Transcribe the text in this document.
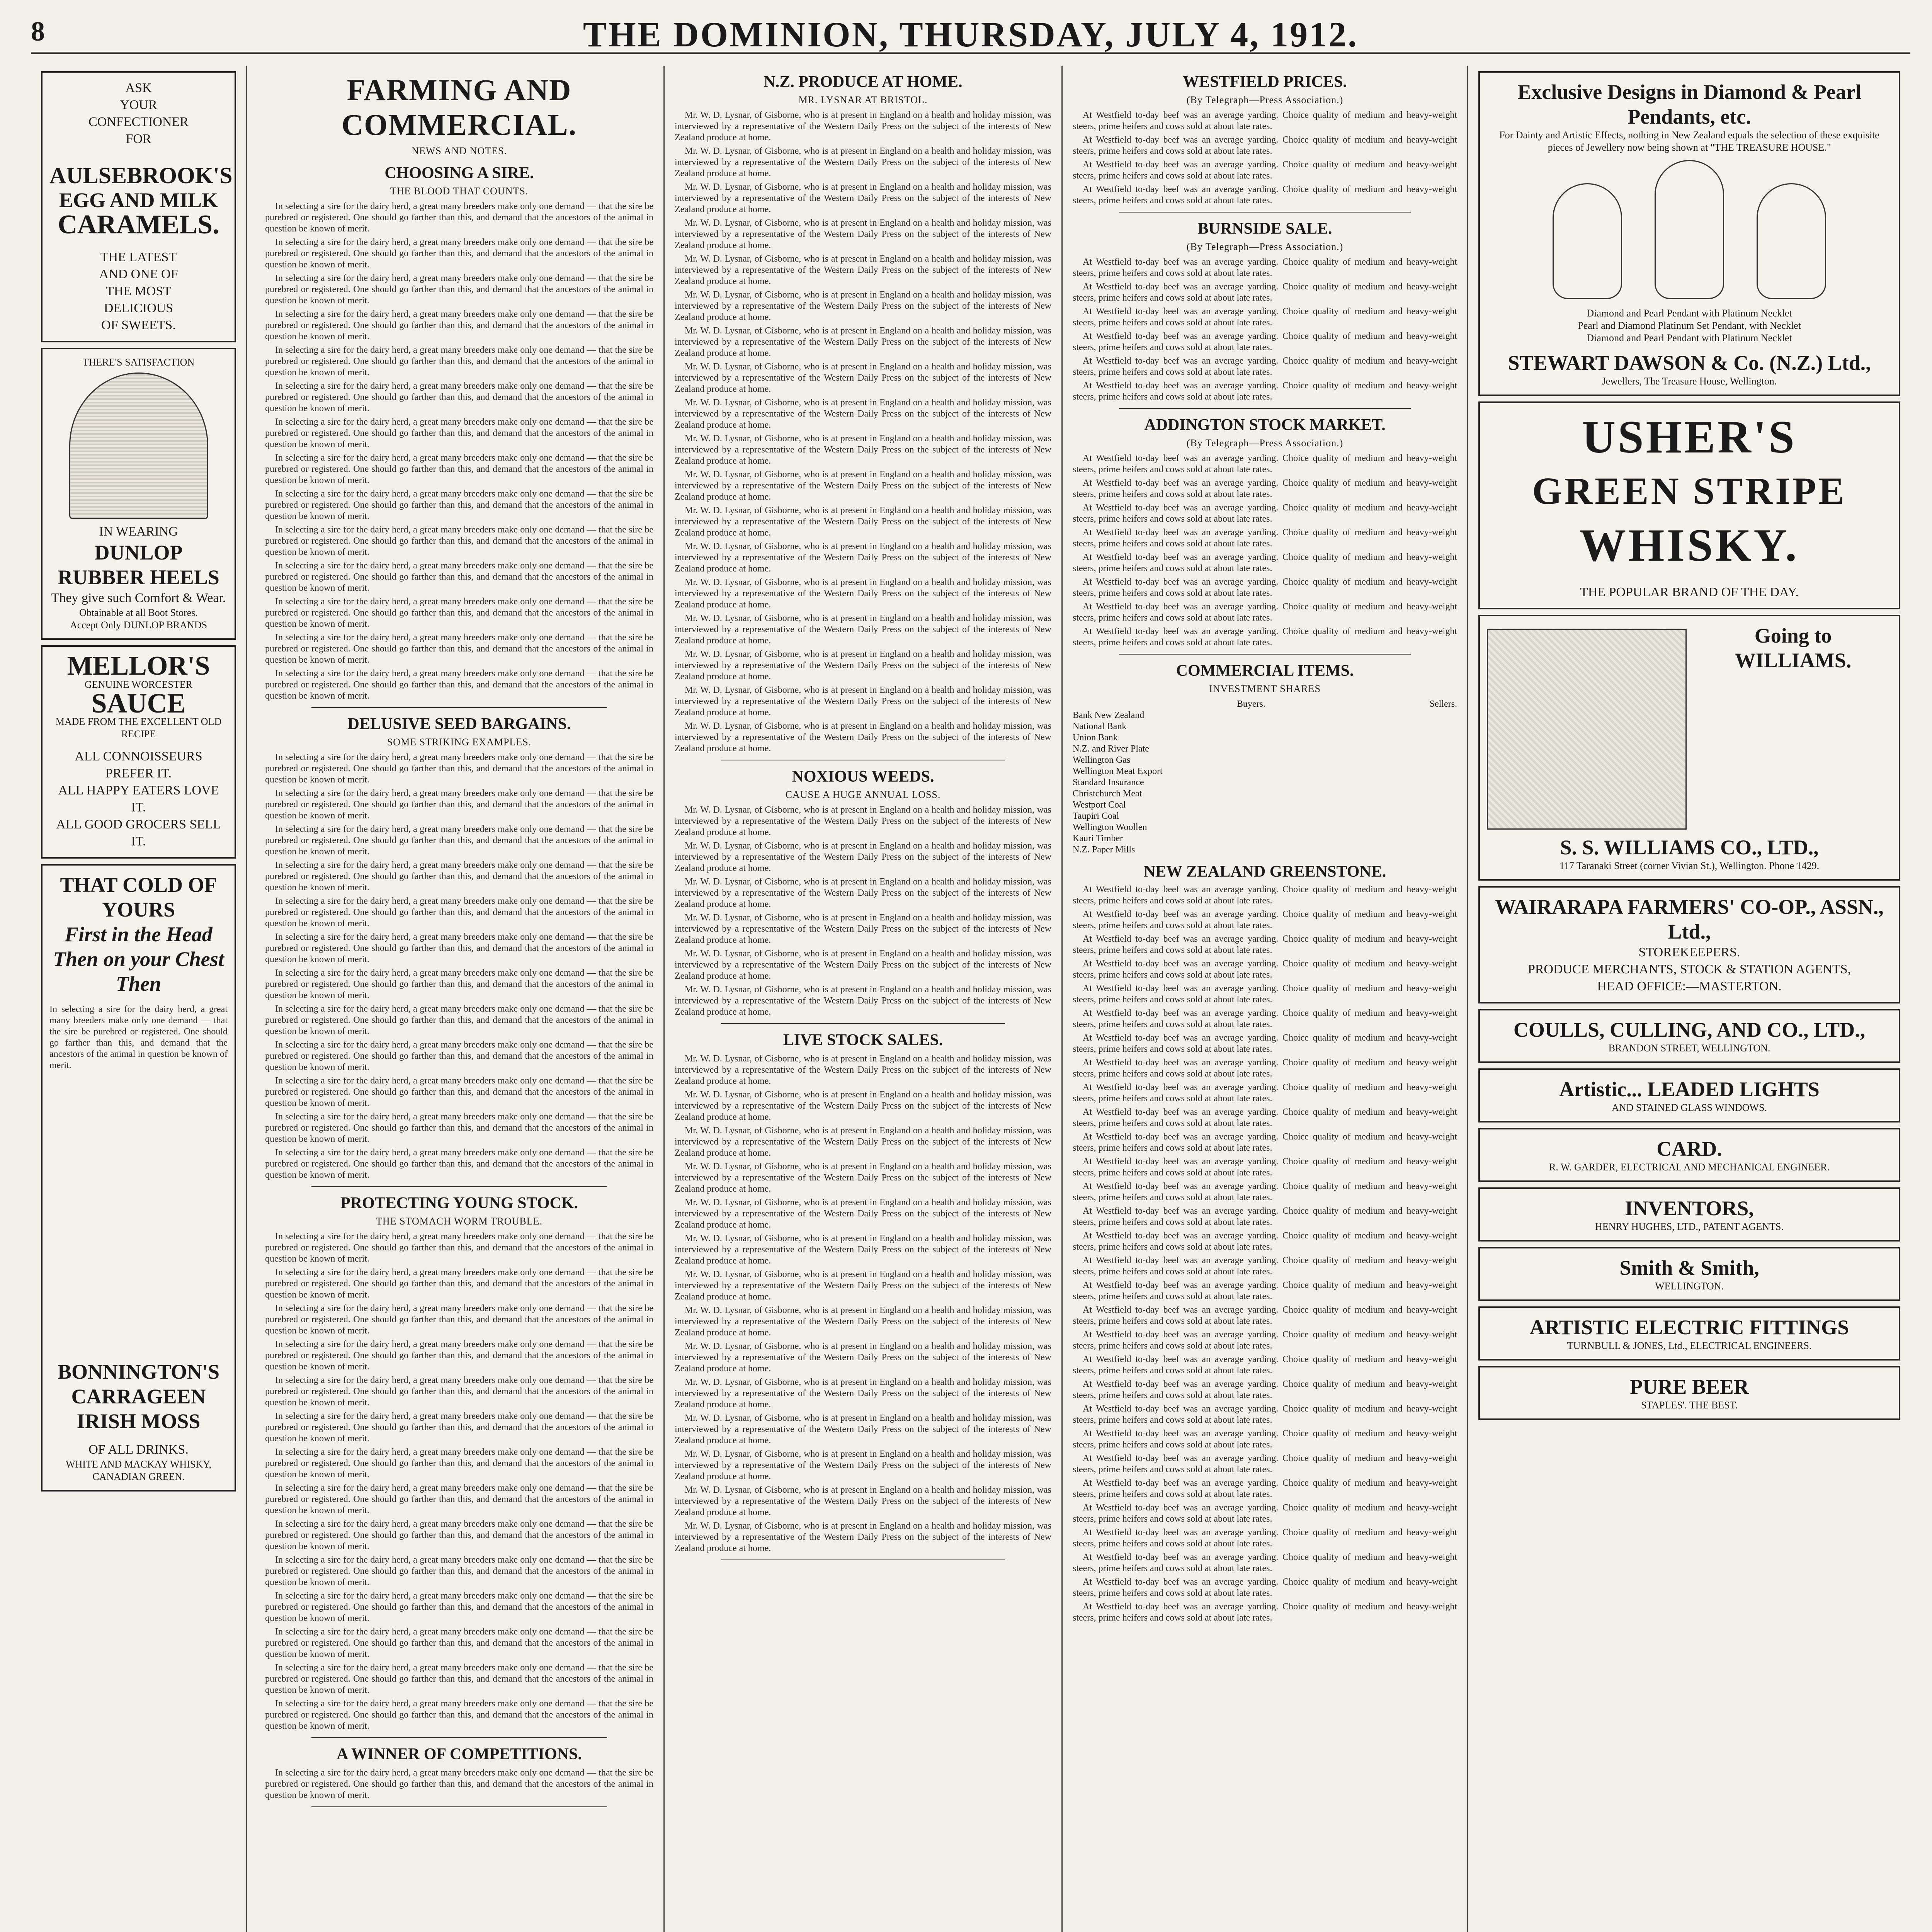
8	THE DOMINION, THURSDAY, JULY 4, 1912.
ASK
YOUR
CONFECTIONER
FOR
AULSEBROOK'S
EGG AND MILK
CARAMELS.
THE LATEST
AND ONE OF
THE MOST
DELICIOUS
OF SWEETS.
THERE'S SATISFACTION
IN WEARING
DUNLOP RUBBER HEELS
They give such Comfort & Wear.
Obtainable at all Boot Stores.
Accept Only DUNLOP BRANDS
MELLOR'S
GENUINE WORCESTER
SAUCE
MADE FROM THE EXCELLENT OLD RECIPE
ALL CONNOISSEURS PREFER IT.
ALL HAPPY EATERS LOVE IT.
ALL GOOD GROCERS SELL IT.
THAT COLD OF YOURS
First in the Head
Then on your Chest
Then
In selecting a sire for the dairy herd, a great many breeders make only one demand — that the sire be purebred or registered. One should go farther than this, and demand that the ancestors of the animal in question be known of merit.
BONNINGTON'S CARRAGEEN IRISH MOSS
OF ALL DRINKS.
WHITE AND MACKAY WHISKY, CANADIAN GREEN.
FARMING AND COMMERCIAL.
NEWS AND NOTES.
CHOOSING A SIRE.
THE BLOOD THAT COUNTS.

In selecting a sire for the dairy herd, a great many breeders make only one demand — that the sire be purebred or registered. One should go farther than this, and demand that the ancestors of the animal in question be known of merit.

In selecting a sire for the dairy herd, a great many breeders make only one demand — that the sire be purebred or registered. One should go farther than this, and demand that the ancestors of the animal in question be known of merit.

In selecting a sire for the dairy herd, a great many breeders make only one demand — that the sire be purebred or registered. One should go farther than this, and demand that the ancestors of the animal in question be known of merit.

In selecting a sire for the dairy herd, a great many breeders make only one demand — that the sire be purebred or registered. One should go farther than this, and demand that the ancestors of the animal in question be known of merit.

In selecting a sire for the dairy herd, a great many breeders make only one demand — that the sire be purebred or registered. One should go farther than this, and demand that the ancestors of the animal in question be known of merit.

In selecting a sire for the dairy herd, a great many breeders make only one demand — that the sire be purebred or registered. One should go farther than this, and demand that the ancestors of the animal in question be known of merit.

In selecting a sire for the dairy herd, a great many breeders make only one demand — that the sire be purebred or registered. One should go farther than this, and demand that the ancestors of the animal in question be known of merit.

In selecting a sire for the dairy herd, a great many breeders make only one demand — that the sire be purebred or registered. One should go farther than this, and demand that the ancestors of the animal in question be known of merit.

In selecting a sire for the dairy herd, a great many breeders make only one demand — that the sire be purebred or registered. One should go farther than this, and demand that the ancestors of the animal in question be known of merit.

In selecting a sire for the dairy herd, a great many breeders make only one demand — that the sire be purebred or registered. One should go farther than this, and demand that the ancestors of the animal in question be known of merit.

In selecting a sire for the dairy herd, a great many breeders make only one demand — that the sire be purebred or registered. One should go farther than this, and demand that the ancestors of the animal in question be known of merit.

In selecting a sire for the dairy herd, a great many breeders make only one demand — that the sire be purebred or registered. One should go farther than this, and demand that the ancestors of the animal in question be known of merit.

In selecting a sire for the dairy herd, a great many breeders make only one demand — that the sire be purebred or registered. One should go farther than this, and demand that the ancestors of the animal in question be known of merit.

In selecting a sire for the dairy herd, a great many breeders make only one demand — that the sire be purebred or registered. One should go farther than this, and demand that the ancestors of the animal in question be known of merit.

DELUSIVE SEED BARGAINS.
SOME STRIKING EXAMPLES.

In selecting a sire for the dairy herd, a great many breeders make only one demand — that the sire be purebred or registered. One should go farther than this, and demand that the ancestors of the animal in question be known of merit.

In selecting a sire for the dairy herd, a great many breeders make only one demand — that the sire be purebred or registered. One should go farther than this, and demand that the ancestors of the animal in question be known of merit.

In selecting a sire for the dairy herd, a great many breeders make only one demand — that the sire be purebred or registered. One should go farther than this, and demand that the ancestors of the animal in question be known of merit.

In selecting a sire for the dairy herd, a great many breeders make only one demand — that the sire be purebred or registered. One should go farther than this, and demand that the ancestors of the animal in question be known of merit.

In selecting a sire for the dairy herd, a great many breeders make only one demand — that the sire be purebred or registered. One should go farther than this, and demand that the ancestors of the animal in question be known of merit.

In selecting a sire for the dairy herd, a great many breeders make only one demand — that the sire be purebred or registered. One should go farther than this, and demand that the ancestors of the animal in question be known of merit.

In selecting a sire for the dairy herd, a great many breeders make only one demand — that the sire be purebred or registered. One should go farther than this, and demand that the ancestors of the animal in question be known of merit.

In selecting a sire for the dairy herd, a great many breeders make only one demand — that the sire be purebred or registered. One should go farther than this, and demand that the ancestors of the animal in question be known of merit.

In selecting a sire for the dairy herd, a great many breeders make only one demand — that the sire be purebred or registered. One should go farther than this, and demand that the ancestors of the animal in question be known of merit.

In selecting a sire for the dairy herd, a great many breeders make only one demand — that the sire be purebred or registered. One should go farther than this, and demand that the ancestors of the animal in question be known of merit.

In selecting a sire for the dairy herd, a great many breeders make only one demand — that the sire be purebred or registered. One should go farther than this, and demand that the ancestors of the animal in question be known of merit.

In selecting a sire for the dairy herd, a great many breeders make only one demand — that the sire be purebred or registered. One should go farther than this, and demand that the ancestors of the animal in question be known of merit.

PROTECTING YOUNG STOCK.
THE STOMACH WORM TROUBLE.

In selecting a sire for the dairy herd, a great many breeders make only one demand — that the sire be purebred or registered. One should go farther than this, and demand that the ancestors of the animal in question be known of merit.

In selecting a sire for the dairy herd, a great many breeders make only one demand — that the sire be purebred or registered. One should go farther than this, and demand that the ancestors of the animal in question be known of merit.

In selecting a sire for the dairy herd, a great many breeders make only one demand — that the sire be purebred or registered. One should go farther than this, and demand that the ancestors of the animal in question be known of merit.

In selecting a sire for the dairy herd, a great many breeders make only one demand — that the sire be purebred or registered. One should go farther than this, and demand that the ancestors of the animal in question be known of merit.

In selecting a sire for the dairy herd, a great many breeders make only one demand — that the sire be purebred or registered. One should go farther than this, and demand that the ancestors of the animal in question be known of merit.

In selecting a sire for the dairy herd, a great many breeders make only one demand — that the sire be purebred or registered. One should go farther than this, and demand that the ancestors of the animal in question be known of merit.

In selecting a sire for the dairy herd, a great many breeders make only one demand — that the sire be purebred or registered. One should go farther than this, and demand that the ancestors of the animal in question be known of merit.

In selecting a sire for the dairy herd, a great many breeders make only one demand — that the sire be purebred or registered. One should go farther than this, and demand that the ancestors of the animal in question be known of merit.

In selecting a sire for the dairy herd, a great many breeders make only one demand — that the sire be purebred or registered. One should go farther than this, and demand that the ancestors of the animal in question be known of merit.

In selecting a sire for the dairy herd, a great many breeders make only one demand — that the sire be purebred or registered. One should go farther than this, and demand that the ancestors of the animal in question be known of merit.

In selecting a sire for the dairy herd, a great many breeders make only one demand — that the sire be purebred or registered. One should go farther than this, and demand that the ancestors of the animal in question be known of merit.

In selecting a sire for the dairy herd, a great many breeders make only one demand — that the sire be purebred or registered. One should go farther than this, and demand that the ancestors of the animal in question be known of merit.

In selecting a sire for the dairy herd, a great many breeders make only one demand — that the sire be purebred or registered. One should go farther than this, and demand that the ancestors of the animal in question be known of merit.

In selecting a sire for the dairy herd, a great many breeders make only one demand — that the sire be purebred or registered. One should go farther than this, and demand that the ancestors of the animal in question be known of merit.

A WINNER OF COMPETITIONS.

In selecting a sire for the dairy herd, a great many breeders make only one demand — that the sire be purebred or registered. One should go farther than this, and demand that the ancestors of the animal in question be known of merit.

N.Z. PRODUCE AT HOME.
MR. LYSNAR AT BRISTOL.

Mr. W. D. Lysnar, of Gisborne, who is at present in England on a health and holiday mission, was interviewed by a representative of the Western Daily Press on the subject of the interests of New Zealand produce at home.

Mr. W. D. Lysnar, of Gisborne, who is at present in England on a health and holiday mission, was interviewed by a representative of the Western Daily Press on the subject of the interests of New Zealand produce at home.

Mr. W. D. Lysnar, of Gisborne, who is at present in England on a health and holiday mission, was interviewed by a representative of the Western Daily Press on the subject of the interests of New Zealand produce at home.

Mr. W. D. Lysnar, of Gisborne, who is at present in England on a health and holiday mission, was interviewed by a representative of the Western Daily Press on the subject of the interests of New Zealand produce at home.

Mr. W. D. Lysnar, of Gisborne, who is at present in England on a health and holiday mission, was interviewed by a representative of the Western Daily Press on the subject of the interests of New Zealand produce at home.

Mr. W. D. Lysnar, of Gisborne, who is at present in England on a health and holiday mission, was interviewed by a representative of the Western Daily Press on the subject of the interests of New Zealand produce at home.

Mr. W. D. Lysnar, of Gisborne, who is at present in England on a health and holiday mission, was interviewed by a representative of the Western Daily Press on the subject of the interests of New Zealand produce at home.

Mr. W. D. Lysnar, of Gisborne, who is at present in England on a health and holiday mission, was interviewed by a representative of the Western Daily Press on the subject of the interests of New Zealand produce at home.

Mr. W. D. Lysnar, of Gisborne, who is at present in England on a health and holiday mission, was interviewed by a representative of the Western Daily Press on the subject of the interests of New Zealand produce at home.

Mr. W. D. Lysnar, of Gisborne, who is at present in England on a health and holiday mission, was interviewed by a representative of the Western Daily Press on the subject of the interests of New Zealand produce at home.

Mr. W. D. Lysnar, of Gisborne, who is at present in England on a health and holiday mission, was interviewed by a representative of the Western Daily Press on the subject of the interests of New Zealand produce at home.

Mr. W. D. Lysnar, of Gisborne, who is at present in England on a health and holiday mission, was interviewed by a representative of the Western Daily Press on the subject of the interests of New Zealand produce at home.

Mr. W. D. Lysnar, of Gisborne, who is at present in England on a health and holiday mission, was interviewed by a representative of the Western Daily Press on the subject of the interests of New Zealand produce at home.

Mr. W. D. Lysnar, of Gisborne, who is at present in England on a health and holiday mission, was interviewed by a representative of the Western Daily Press on the subject of the interests of New Zealand produce at home.

Mr. W. D. Lysnar, of Gisborne, who is at present in England on a health and holiday mission, was interviewed by a representative of the Western Daily Press on the subject of the interests of New Zealand produce at home.

Mr. W. D. Lysnar, of Gisborne, who is at present in England on a health and holiday mission, was interviewed by a representative of the Western Daily Press on the subject of the interests of New Zealand produce at home.

Mr. W. D. Lysnar, of Gisborne, who is at present in England on a health and holiday mission, was interviewed by a representative of the Western Daily Press on the subject of the interests of New Zealand produce at home.

Mr. W. D. Lysnar, of Gisborne, who is at present in England on a health and holiday mission, was interviewed by a representative of the Western Daily Press on the subject of the interests of New Zealand produce at home.

NOXIOUS WEEDS.
CAUSE A HUGE ANNUAL LOSS.

Mr. W. D. Lysnar, of Gisborne, who is at present in England on a health and holiday mission, was interviewed by a representative of the Western Daily Press on the subject of the interests of New Zealand produce at home.

Mr. W. D. Lysnar, of Gisborne, who is at present in England on a health and holiday mission, was interviewed by a representative of the Western Daily Press on the subject of the interests of New Zealand produce at home.

Mr. W. D. Lysnar, of Gisborne, who is at present in England on a health and holiday mission, was interviewed by a representative of the Western Daily Press on the subject of the interests of New Zealand produce at home.

Mr. W. D. Lysnar, of Gisborne, who is at present in England on a health and holiday mission, was interviewed by a representative of the Western Daily Press on the subject of the interests of New Zealand produce at home.

Mr. W. D. Lysnar, of Gisborne, who is at present in England on a health and holiday mission, was interviewed by a representative of the Western Daily Press on the subject of the interests of New Zealand produce at home.

Mr. W. D. Lysnar, of Gisborne, who is at present in England on a health and holiday mission, was interviewed by a representative of the Western Daily Press on the subject of the interests of New Zealand produce at home.

LIVE STOCK SALES.

Mr. W. D. Lysnar, of Gisborne, who is at present in England on a health and holiday mission, was interviewed by a representative of the Western Daily Press on the subject of the interests of New Zealand produce at home.

Mr. W. D. Lysnar, of Gisborne, who is at present in England on a health and holiday mission, was interviewed by a representative of the Western Daily Press on the subject of the interests of New Zealand produce at home.

Mr. W. D. Lysnar, of Gisborne, who is at present in England on a health and holiday mission, was interviewed by a representative of the Western Daily Press on the subject of the interests of New Zealand produce at home.

Mr. W. D. Lysnar, of Gisborne, who is at present in England on a health and holiday mission, was interviewed by a representative of the Western Daily Press on the subject of the interests of New Zealand produce at home.

Mr. W. D. Lysnar, of Gisborne, who is at present in England on a health and holiday mission, was interviewed by a representative of the Western Daily Press on the subject of the interests of New Zealand produce at home.

Mr. W. D. Lysnar, of Gisborne, who is at present in England on a health and holiday mission, was interviewed by a representative of the Western Daily Press on the subject of the interests of New Zealand produce at home.

Mr. W. D. Lysnar, of Gisborne, who is at present in England on a health and holiday mission, was interviewed by a representative of the Western Daily Press on the subject of the interests of New Zealand produce at home.

Mr. W. D. Lysnar, of Gisborne, who is at present in England on a health and holiday mission, was interviewed by a representative of the Western Daily Press on the subject of the interests of New Zealand produce at home.

Mr. W. D. Lysnar, of Gisborne, who is at present in England on a health and holiday mission, was interviewed by a representative of the Western Daily Press on the subject of the interests of New Zealand produce at home.

Mr. W. D. Lysnar, of Gisborne, who is at present in England on a health and holiday mission, was interviewed by a representative of the Western Daily Press on the subject of the interests of New Zealand produce at home.

Mr. W. D. Lysnar, of Gisborne, who is at present in England on a health and holiday mission, was interviewed by a representative of the Western Daily Press on the subject of the interests of New Zealand produce at home.

Mr. W. D. Lysnar, of Gisborne, who is at present in England on a health and holiday mission, was interviewed by a representative of the Western Daily Press on the subject of the interests of New Zealand produce at home.

Mr. W. D. Lysnar, of Gisborne, who is at present in England on a health and holiday mission, was interviewed by a representative of the Western Daily Press on the subject of the interests of New Zealand produce at home.

Mr. W. D. Lysnar, of Gisborne, who is at present in England on a health and holiday mission, was interviewed by a representative of the Western Daily Press on the subject of the interests of New Zealand produce at home.

WESTFIELD PRICES.
(By Telegraph—Press Association.)

At Westfield to-day beef was an average yarding. Choice quality of medium and heavy-weight steers, prime heifers and cows sold at about late rates.

At Westfield to-day beef was an average yarding. Choice quality of medium and heavy-weight steers, prime heifers and cows sold at about late rates.

At Westfield to-day beef was an average yarding. Choice quality of medium and heavy-weight steers, prime heifers and cows sold at about late rates.

At Westfield to-day beef was an average yarding. Choice quality of medium and heavy-weight steers, prime heifers and cows sold at about late rates.

BURNSIDE SALE.
(By Telegraph—Press Association.)

At Westfield to-day beef was an average yarding. Choice quality of medium and heavy-weight steers, prime heifers and cows sold at about late rates.

At Westfield to-day beef was an average yarding. Choice quality of medium and heavy-weight steers, prime heifers and cows sold at about late rates.

At Westfield to-day beef was an average yarding. Choice quality of medium and heavy-weight steers, prime heifers and cows sold at about late rates.

At Westfield to-day beef was an average yarding. Choice quality of medium and heavy-weight steers, prime heifers and cows sold at about late rates.

At Westfield to-day beef was an average yarding. Choice quality of medium and heavy-weight steers, prime heifers and cows sold at about late rates.

At Westfield to-day beef was an average yarding. Choice quality of medium and heavy-weight steers, prime heifers and cows sold at about late rates.

ADDINGTON STOCK MARKET.
(By Telegraph—Press Association.)

At Westfield to-day beef was an average yarding. Choice quality of medium and heavy-weight steers, prime heifers and cows sold at about late rates.

At Westfield to-day beef was an average yarding. Choice quality of medium and heavy-weight steers, prime heifers and cows sold at about late rates.

At Westfield to-day beef was an average yarding. Choice quality of medium and heavy-weight steers, prime heifers and cows sold at about late rates.

At Westfield to-day beef was an average yarding. Choice quality of medium and heavy-weight steers, prime heifers and cows sold at about late rates.

At Westfield to-day beef was an average yarding. Choice quality of medium and heavy-weight steers, prime heifers and cows sold at about late rates.

At Westfield to-day beef was an average yarding. Choice quality of medium and heavy-weight steers, prime heifers and cows sold at about late rates.

At Westfield to-day beef was an average yarding. Choice quality of medium and heavy-weight steers, prime heifers and cows sold at about late rates.

At Westfield to-day beef was an average yarding. Choice quality of medium and heavy-weight steers, prime heifers and cows sold at about late rates.

COMMERCIAL ITEMS.
INVESTMENT SHARES
Buyers.	Sellers.
Bank New Zealand
National Bank
Union Bank
N.Z. and River Plate
Wellington Gas
Wellington Meat Export
Standard Insurance
Christchurch Meat
Westport Coal
Taupiri Coal
Wellington Woollen
Kauri Timber
N.Z. Paper Mills
NEW ZEALAND GREENSTONE.

At Westfield to-day beef was an average yarding. Choice quality of medium and heavy-weight steers, prime heifers and cows sold at about late rates.

At Westfield to-day beef was an average yarding. Choice quality of medium and heavy-weight steers, prime heifers and cows sold at about late rates.

At Westfield to-day beef was an average yarding. Choice quality of medium and heavy-weight steers, prime heifers and cows sold at about late rates.

At Westfield to-day beef was an average yarding. Choice quality of medium and heavy-weight steers, prime heifers and cows sold at about late rates.

At Westfield to-day beef was an average yarding. Choice quality of medium and heavy-weight steers, prime heifers and cows sold at about late rates.

At Westfield to-day beef was an average yarding. Choice quality of medium and heavy-weight steers, prime heifers and cows sold at about late rates.

At Westfield to-day beef was an average yarding. Choice quality of medium and heavy-weight steers, prime heifers and cows sold at about late rates.

At Westfield to-day beef was an average yarding. Choice quality of medium and heavy-weight steers, prime heifers and cows sold at about late rates.

At Westfield to-day beef was an average yarding. Choice quality of medium and heavy-weight steers, prime heifers and cows sold at about late rates.

At Westfield to-day beef was an average yarding. Choice quality of medium and heavy-weight steers, prime heifers and cows sold at about late rates.

At Westfield to-day beef was an average yarding. Choice quality of medium and heavy-weight steers, prime heifers and cows sold at about late rates.

At Westfield to-day beef was an average yarding. Choice quality of medium and heavy-weight steers, prime heifers and cows sold at about late rates.

At Westfield to-day beef was an average yarding. Choice quality of medium and heavy-weight steers, prime heifers and cows sold at about late rates.

At Westfield to-day beef was an average yarding. Choice quality of medium and heavy-weight steers, prime heifers and cows sold at about late rates.

At Westfield to-day beef was an average yarding. Choice quality of medium and heavy-weight steers, prime heifers and cows sold at about late rates.

At Westfield to-day beef was an average yarding. Choice quality of medium and heavy-weight steers, prime heifers and cows sold at about late rates.

At Westfield to-day beef was an average yarding. Choice quality of medium and heavy-weight steers, prime heifers and cows sold at about late rates.

At Westfield to-day beef was an average yarding. Choice quality of medium and heavy-weight steers, prime heifers and cows sold at about late rates.

At Westfield to-day beef was an average yarding. Choice quality of medium and heavy-weight steers, prime heifers and cows sold at about late rates.

At Westfield to-day beef was an average yarding. Choice quality of medium and heavy-weight steers, prime heifers and cows sold at about late rates.

At Westfield to-day beef was an average yarding. Choice quality of medium and heavy-weight steers, prime heifers and cows sold at about late rates.

At Westfield to-day beef was an average yarding. Choice quality of medium and heavy-weight steers, prime heifers and cows sold at about late rates.

At Westfield to-day beef was an average yarding. Choice quality of medium and heavy-weight steers, prime heifers and cows sold at about late rates.

At Westfield to-day beef was an average yarding. Choice quality of medium and heavy-weight steers, prime heifers and cows sold at about late rates.

At Westfield to-day beef was an average yarding. Choice quality of medium and heavy-weight steers, prime heifers and cows sold at about late rates.

At Westfield to-day beef was an average yarding. Choice quality of medium and heavy-weight steers, prime heifers and cows sold at about late rates.

At Westfield to-day beef was an average yarding. Choice quality of medium and heavy-weight steers, prime heifers and cows sold at about late rates.

At Westfield to-day beef was an average yarding. Choice quality of medium and heavy-weight steers, prime heifers and cows sold at about late rates.

At Westfield to-day beef was an average yarding. Choice quality of medium and heavy-weight steers, prime heifers and cows sold at about late rates.

At Westfield to-day beef was an average yarding. Choice quality of medium and heavy-weight steers, prime heifers and cows sold at about late rates.

Exclusive Designs in Diamond & Pearl Pendants, etc.
For Dainty and Artistic Effects, nothing in New Zealand equals the selection of these exquisite pieces of Jewellery now being shown at "THE TREASURE HOUSE."

Diamond and Pearl Pendant with Platinum Necklet
Pearl and Diamond Platinum Set Pendant, with Necklet
Diamond and Pearl Pendant with Platinum Necklet
STEWART DAWSON & Co. (N.Z.) Ltd.,
Jewellers, The Treasure House, Wellington.
USHER'S
GREEN STRIPE
WHISKY.
THE POPULAR BRAND OF THE DAY.
Going to WILLIAMS.
S. S. WILLIAMS CO., LTD.,
117 Taranaki Street (corner Vivian St.), Wellington. Phone 1429.
WAIRARAPA FARMERS' CO-OP., ASSN., Ltd.,
STOREKEEPERS.
PRODUCE MERCHANTS, STOCK & STATION AGENTS,
HEAD OFFICE:—MASTERTON.
COULLS, CULLING, AND CO., LTD.,
BRANDON STREET, WELLINGTON.
Artistic... LEADED LIGHTS
AND STAINED GLASS WINDOWS.
CARD.
R. W. GARDER, ELECTRICAL AND MECHANICAL ENGINEER.
INVENTORS,
HENRY HUGHES, LTD., PATENT AGENTS.
Smith & Smith,
WELLINGTON.
ARTISTIC ELECTRIC FITTINGS
TURNBULL & JONES, Ltd., ELECTRICAL ENGINEERS.
PURE BEER
STAPLES'. THE BEST.
